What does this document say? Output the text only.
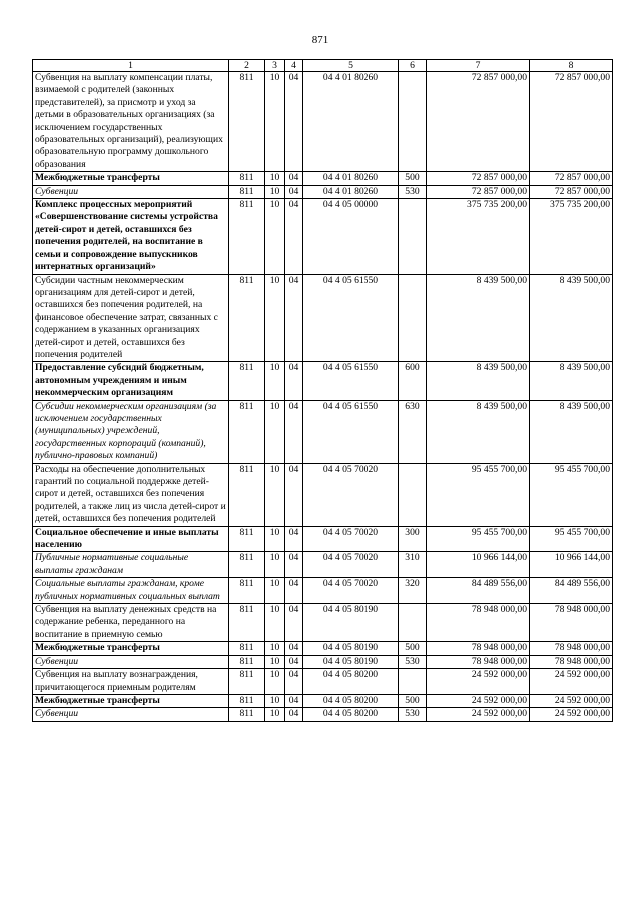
871
1	2	3	4	5	6	7	8
Субвенция на выплату компенсации платы, взимаемой с родителей (законных представителей), за присмотр и уход за детьми в образовательных организациях (за исключением государственных образовательных организаций), реализующих образовательную программу дошкольного образования	811	10	04	04 4 01 80260		72 857 000,00	72 857 000,00
Межбюджетные трансферты	811	10	04	04 4 01 80260	500	72 857 000,00	72 857 000,00
Субвенции	811	10	04	04 4 01 80260	530	72 857 000,00	72 857 000,00
Комплекс процессных мероприятий «Совершенствование системы устройства детей-сирот и детей, оставшихся без попечения родителей, на воспитание в семьи и сопровождение выпускников интернатных организаций»	811	10	04	04 4 05 00000		375 735 200,00	375 735 200,00
Субсидии частным некоммерческим организациям для детей-сирот и детей, оставшихся без попечения родителей, на финансовое обеспечение затрат, связанных с содержанием в указанных организациях детей-сирот и детей, оставшихся без попечения родителей	811	10	04	04 4 05 61550		8 439 500,00	8 439 500,00
Предоставление субсидий бюджетным, автономным учреждениям и иным некоммерческим организациям	811	10	04	04 4 05 61550	600	8 439 500,00	8 439 500,00
Субсидии некоммерческим организациям (за исключением государственных (муниципальных) учреждений, государственных корпораций (компаний), публично-правовых компаний)	811	10	04	04 4 05 61550	630	8 439 500,00	8 439 500,00
Расходы на обеспечение дополнительных гарантий по социальной поддержке детей-сирот и детей, оставшихся без попечения родителей, а также лиц из числа детей-сирот и детей, оставшихся без попечения родителей	811	10	04	04 4 05 70020		95 455 700,00	95 455 700,00
Социальное обеспечение и иные выплаты населению	811	10	04	04 4 05 70020	300	95 455 700,00	95 455 700,00
Публичные нормативные социальные выплаты гражданам	811	10	04	04 4 05 70020	310	10 966 144,00	10 966 144,00
Социальные выплаты гражданам, кроме публичных нормативных социальных выплат	811	10	04	04 4 05 70020	320	84 489 556,00	84 489 556,00
Субвенция на выплату денежных средств на содержание ребенка, переданного на воспитание в приемную семью	811	10	04	04 4 05 80190		78 948 000,00	78 948 000,00
Межбюджетные трансферты	811	10	04	04 4 05 80190	500	78 948 000,00	78 948 000,00
Субвенции	811	10	04	04 4 05 80190	530	78 948 000,00	78 948 000,00
Субвенция на выплату вознаграждения, причитающегося приемным родителям	811	10	04	04 4 05 80200		24 592 000,00	24 592 000,00
Межбюджетные трансферты	811	10	04	04 4 05 80200	500	24 592 000,00	24 592 000,00
Субвенции	811	10	04	04 4 05 80200	530	24 592 000,00	24 592 000,00
